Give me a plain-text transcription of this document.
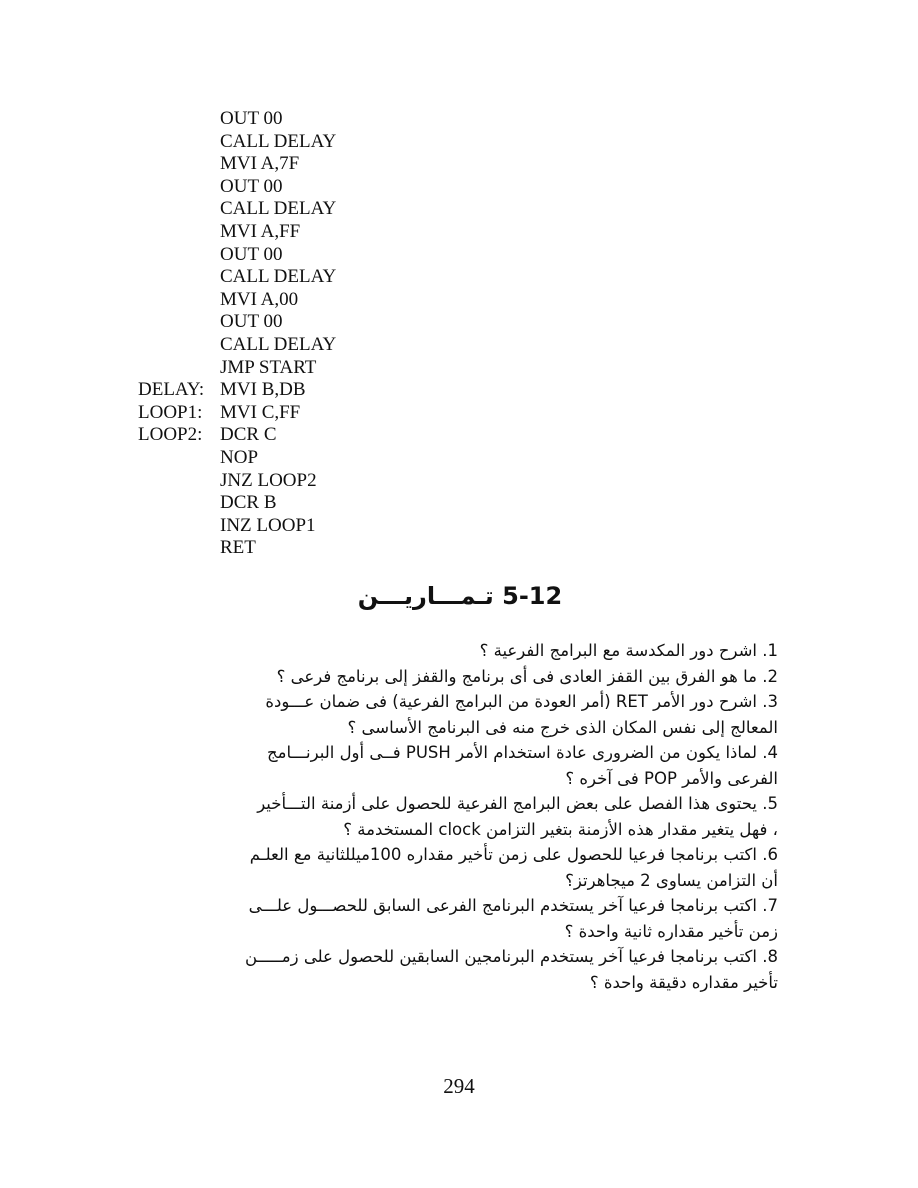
OUT 00
CALL DELAY
MVI A,7F
OUT 00
CALL DELAY
MVI A,FF
OUT 00
CALL DELAY
MVI A,00
OUT 00
CALL DELAY
JMP START
DELAY: MVI B,DB
LOOP1: MVI C,FF
LOOP2: DCR C
NOP
JNZ LOOP2
DCR B
INZ LOOP1
RET
5-12 تـمـــاريـــن
1. اشرح دور المكدسة مع البرامج الفرعية ؟
2. ما هو الفرق بين القفز العادى فى أى برنامج والقفز إلى برنامج فرعى ؟
3. اشرح دور الأمر RET (أمر العودة من البرامج الفرعية) فى ضمان عـــودة
المعالج إلى نفس المكان الذى خرج منه فى البرنامج الأساسى ؟
4. لماذا يكون من الضرورى عادة استخدام الأمر PUSH فــى أول البرنـــامج
الفرعى والأمر POP فى آخره ؟
5. يحتوى هذا الفصل على بعض البرامج الفرعية للحصول على أزمنة التـــأخير
، فهل يتغير مقدار هذه الأزمنة بتغير التزامن clock المستخدمة ؟
6. اكتب برنامجا فرعيا للحصول على زمن تأخير مقداره 100ميللثانية مع العلـم
أن التزامن يساوى 2 ميجاهرتز؟
7. اكتب برنامجا فرعيا آخر يستخدم البرنامج الفرعى السابق للحصـــول علـــى
زمن تأخير مقداره ثانية واحدة ؟
8. اكتب برنامجا فرعيا آخر يستخدم البرنامجين السابقين للحصول على زمـــــن
تأخير مقداره دقيقة واحدة ؟
294
